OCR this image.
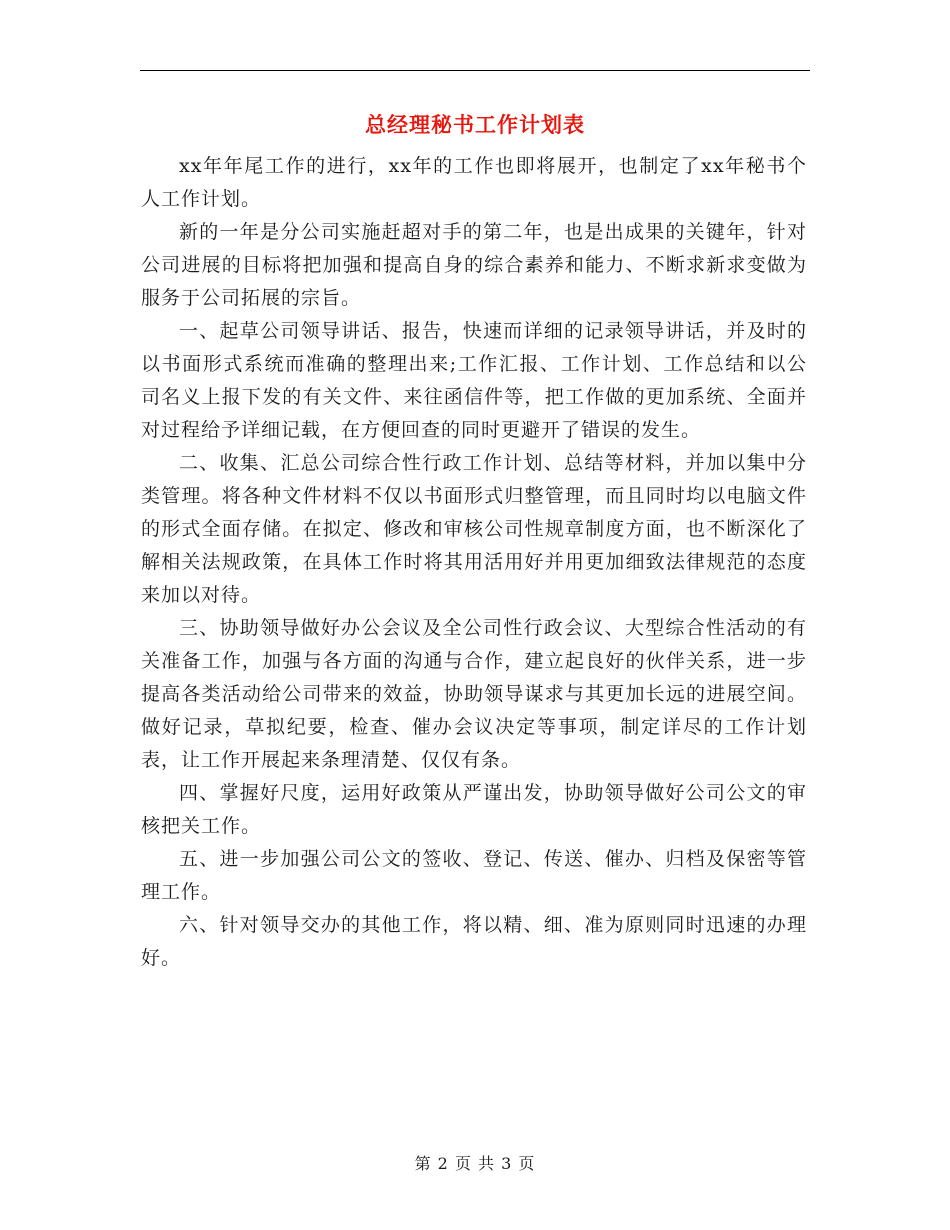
总经理秘书工作计划表

xx年年尾工作的进行，xx年的工作也即将展开，也制定了xx年秘书个人工作计划。

新的一年是分公司实施赶超对手的第二年，也是出成果的关键年，针对公司进展的目标将把加强和提高自身的综合素养和能力、不断求新求变做为服务于公司拓展的宗旨。

一、起草公司领导讲话、报告，快速而详细的记录领导讲话，并及时的以书面形式系统而准确的整理出来;工作汇报、工作计划、工作总结和以公司名义上报下发的有关文件、来往函信件等，把工作做的更加系统、全面并对过程给予详细记载，在方便回查的同时更避开了错误的发生。

二、收集、汇总公司综合性行政工作计划、总结等材料，并加以集中分类管理。将各种文件材料不仅以书面形式归整管理，而且同时均以电脑文件的形式全面存储。在拟定、修改和审核公司性规章制度方面，也不断深化了解相关法规政策，在具体工作时将其用活用好并用更加细致法律规范的态度来加以对待。

三、协助领导做好办公会议及全公司性行政会议、大型综合性活动的有关准备工作，加强与各方面的沟通与合作，建立起良好的伙伴关系，进一步提高各类活动给公司带来的效益，协助领导谋求与其更加长远的进展空间。做好记录，草拟纪要，检查、催办会议决定等事项，制定详尽的工作计划表，让工作开展起来条理清楚、仅仅有条。

四、掌握好尺度，运用好政策从严谨出发，协助领导做好公司公文的审核把关工作。

五、进一步加强公司公文的签收、登记、传送、催办、归档及保密等管理工作。

六、针对领导交办的其他工作，将以精、细、准为原则同时迅速的办理好。

第 2 页 共 3 页
